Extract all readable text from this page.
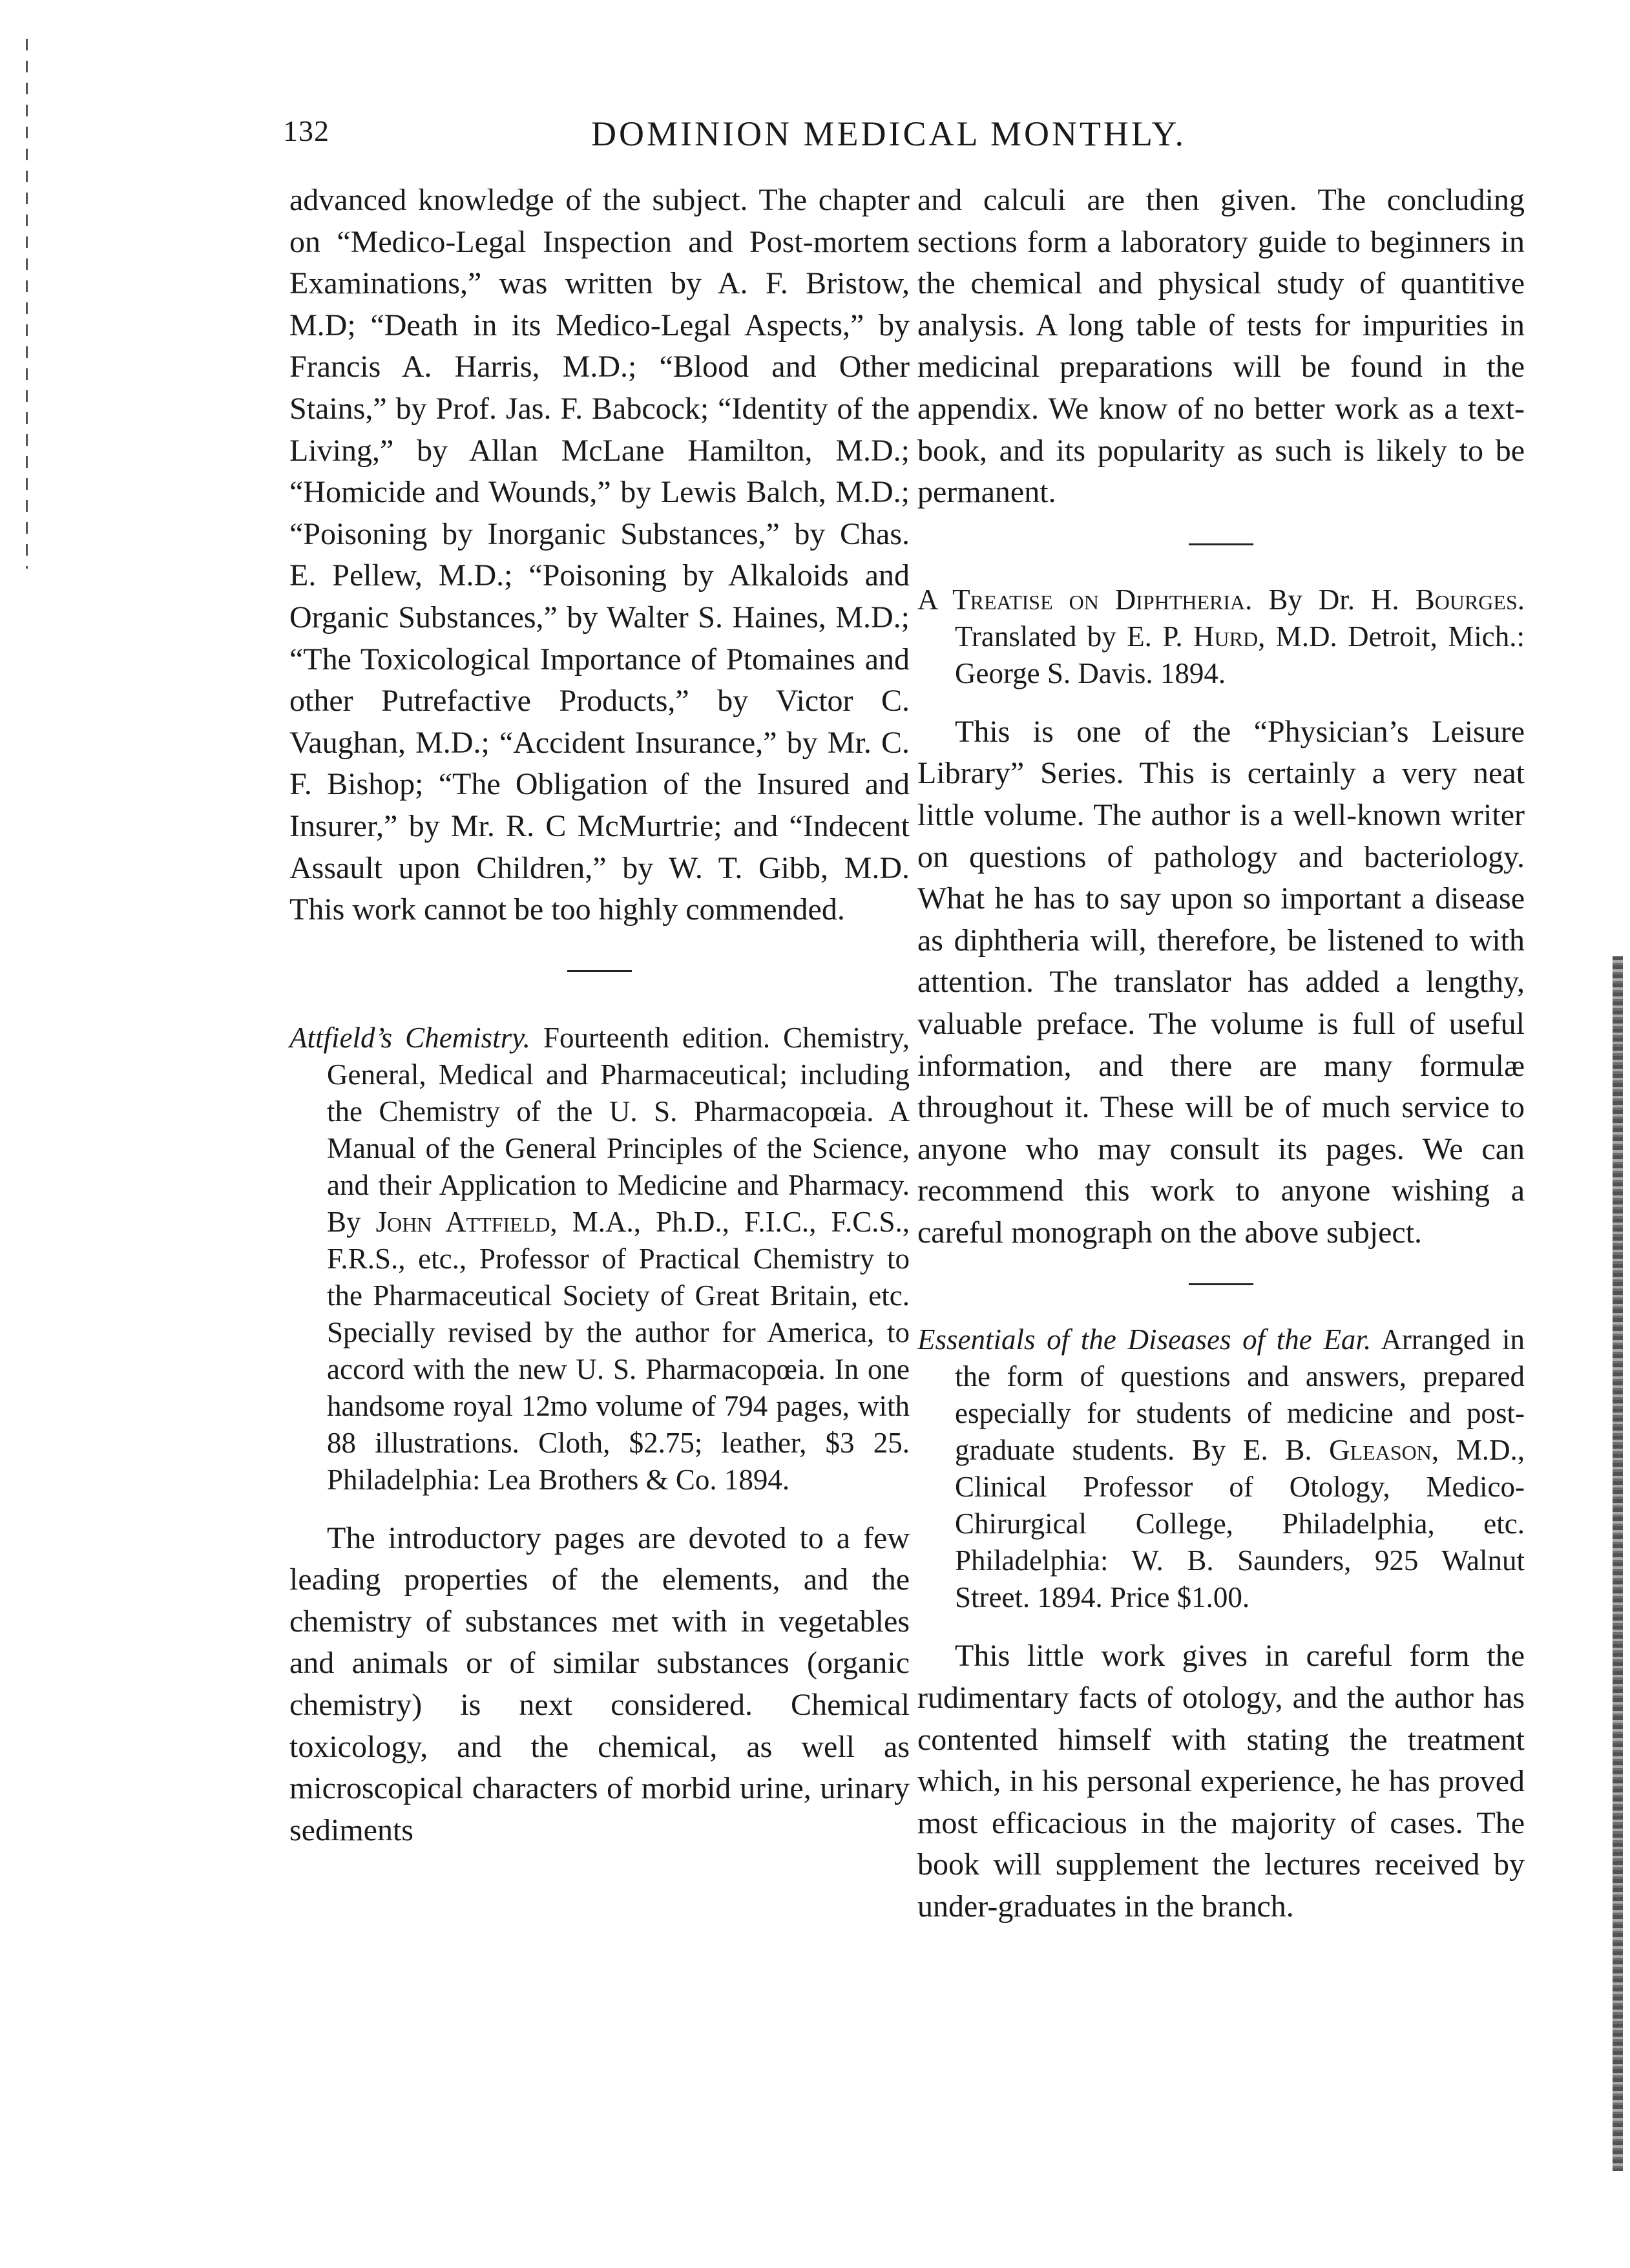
132	DOMINION MEDICAL MONTHLY.

advanced knowledge of the subject. The chapter on “Medico-Legal Inspection and Post-mortem Examinations,” was written by A. F. Bristow, M.D; “Death in its Medico-Legal Aspects,” by Francis A. Harris, M.D.; “Blood and Other Stains,” by Prof. Jas. F. Babcock; “Identity of the Living,” by Allan McLane Hamilton, M.D.; “Homicide and Wounds,” by Lewis Balch, M.D.; “Poisoning by Inorganic Substances,” by Chas. E. Pellew, M.D.; “Poisoning by Alkaloids and Organic Substances,” by Walter S. Haines, M.D.; “The Toxicological Importance of Ptomaines and other Putrefactive Products,” by Victor C. Vaughan, M.D.; “Accident Insurance,” by Mr. C. F. Bishop; “The Obligation of the Insured and Insurer,” by Mr. R. C McMurtrie; and “Indecent Assault upon Children,” by W. T. Gibb, M.D. This work cannot be too highly commended.

Attfield’s Chemistry. Fourteenth edition. Chemistry, General, Medical and Pharmaceutical; including the Chemistry of the U. S. Pharmacopœia. A Manual of the General Principles of the Science, and their Application to Medicine and Pharmacy. By John Attfield, M.A., Ph.D., F.I.C., F.C.S., F.R.S., etc., Professor of Practical Chemistry to the Pharmaceutical Society of Great Britain, etc. Specially revised by the author for America, to accord with the new U. S. Pharmacopœia. In one handsome royal 12mo volume of 794 pages, with 88 illustrations. Cloth, $2.75; leather, $3 25. Philadelphia: Lea Brothers & Co. 1894.

The introductory pages are devoted to a few leading properties of the elements, and the chemistry of substances met with in vegetables and animals or of similar substances (organic chemistry) is next considered. Chemical toxicology, and the chemical, as well as microscopical characters of morbid urine, urinary sediments

and calculi are then given. The concluding sections form a laboratory guide to beginners in the chemical and physical study of quantitive analysis. A long table of tests for impurities in medicinal preparations will be found in the appendix. We know of no better work as a text-book, and its popularity as such is likely to be permanent.

A Treatise on Diphtheria. By Dr. H. Bourges. Translated by E. P. Hurd, M.D. Detroit, Mich.: George S. Davis. 1894.

This is one of the “Physician’s Leisure Library” Series. This is certainly a very neat little volume. The author is a well-known writer on questions of pathology and bacteriology. What he has to say upon so important a disease as diphtheria will, therefore, be listened to with attention. The translator has added a lengthy, valuable preface. The volume is full of useful information, and there are many formulæ throughout it. These will be of much service to anyone who may consult its pages. We can recommend this work to anyone wishing a careful monograph on the above subject.

Essentials of the Diseases of the Ear. Arranged in the form of questions and answers, prepared especially for students of medicine and post-graduate students. By E. B. Gleason, M.D., Clinical Professor of Otology, Medico-Chirurgical College, Philadelphia, etc. Philadelphia: W. B. Saunders, 925 Walnut Street. 1894. Price $1.00.

This little work gives in careful form the rudimentary facts of otology, and the author has contented himself with stating the treatment which, in his personal experience, he has proved most efficacious in the majority of cases. The book will supplement the lectures received by under-graduates in the branch.
